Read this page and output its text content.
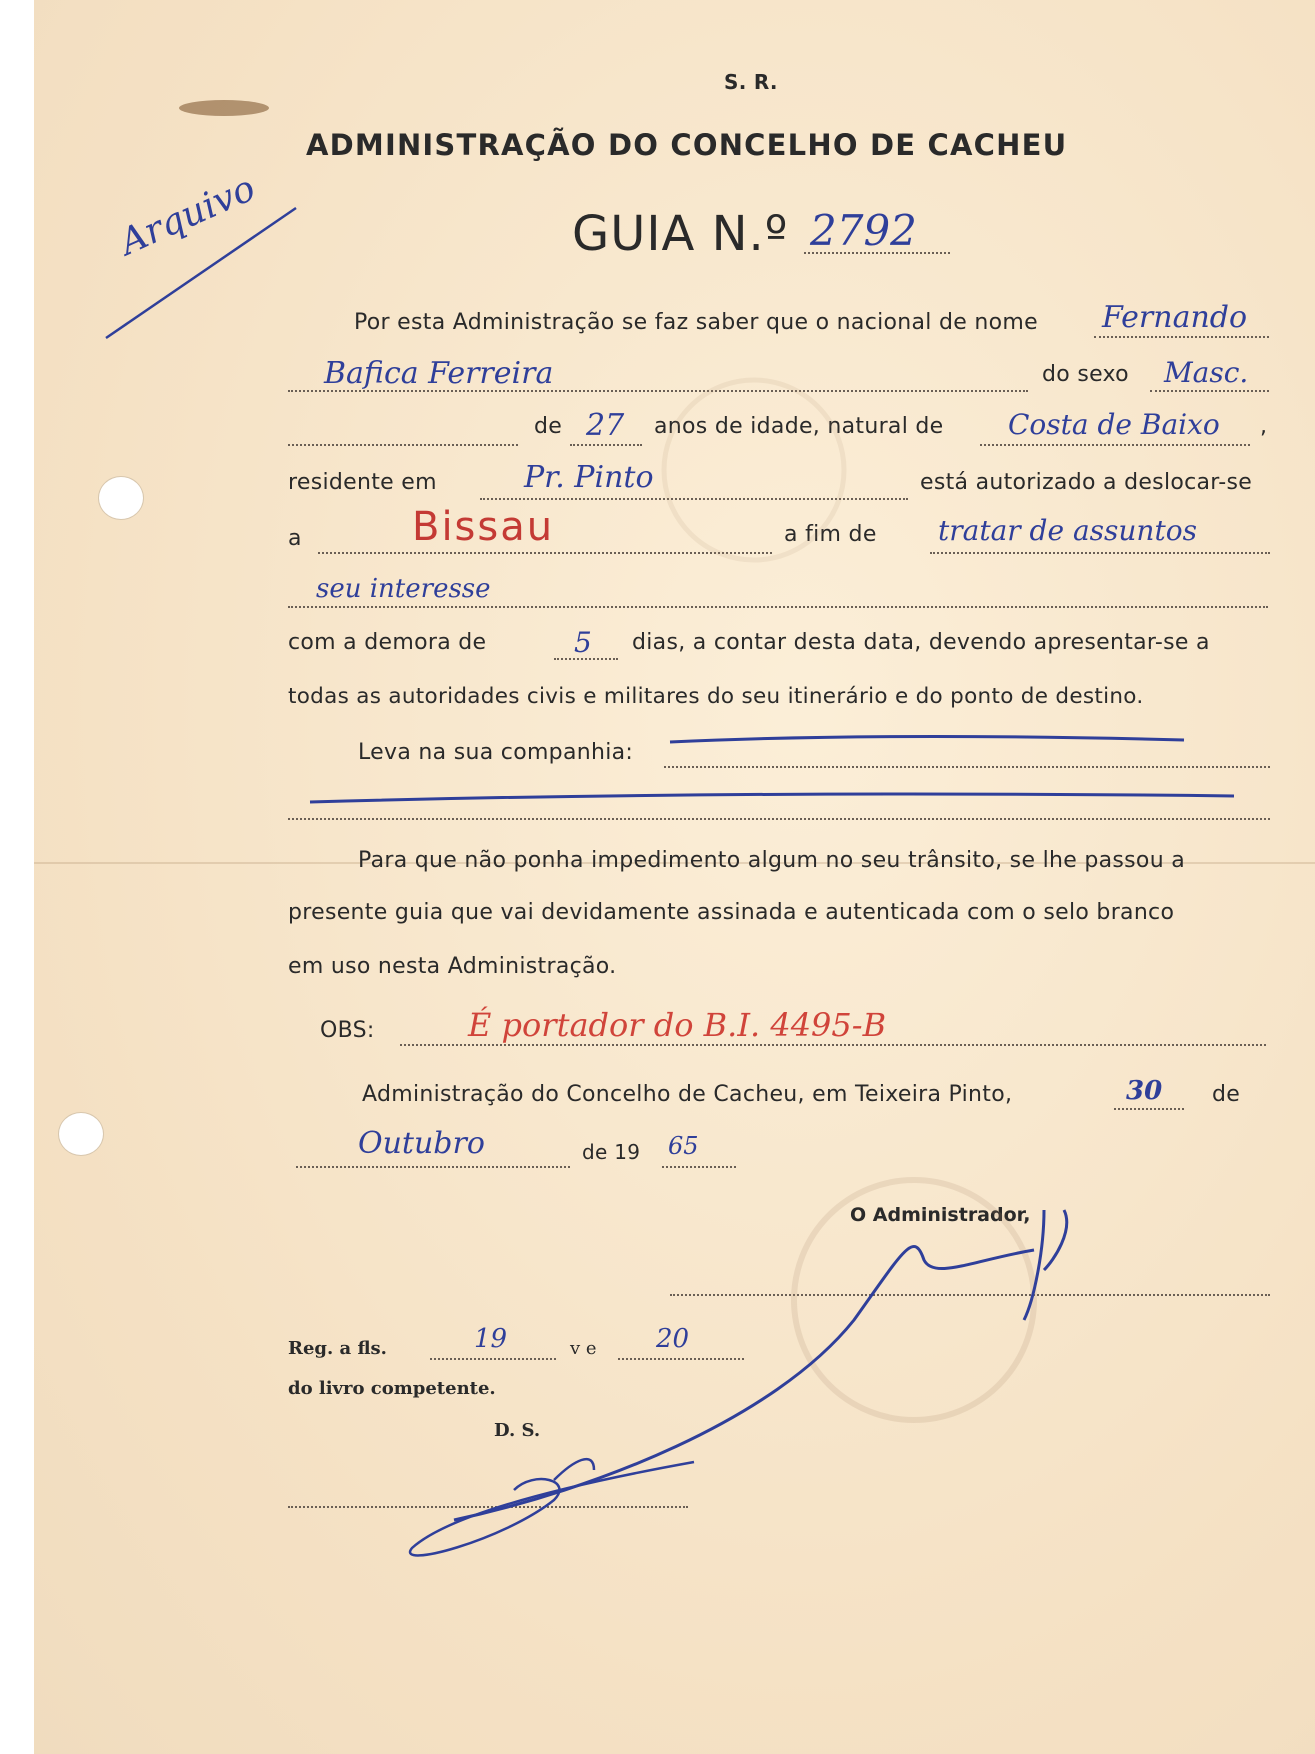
S. R.
ADMINISTRAÇÃO DO CONCELHO DE CACHEU
GUIA N.º 2792
Arquivo
Por esta Administração se faz saber que o nacional de nome Fernando
Bafica Ferreira	do sexo Masc.
de 27 anos de idade, natural de Costa de Baixo ,
residente em	Pr. Pinto	está autorizado a deslocar-se
a	Bissau	a fim de tratar de assuntos
seu interesse
com a demora de	5 dias, a contar desta data, devendo apresentar-se a
todas as autoridades civis e militares do seu itinerário e do ponto de destino.
Leva na sua companhia:
Para que não ponha impedimento algum no seu trânsito, se lhe passou a
presente guia que vai devidamente assinada e autenticada com o selo branco
em uso nesta Administração.
OBS:	É portador do B.I. 4495-B
Administração do Concelho de Cacheu, em Teixeira Pinto,	30 de
Outubro	de 19 65
O Administrador,
Reg. a fls.	19	v e 20
do livro competente.
D. S.
